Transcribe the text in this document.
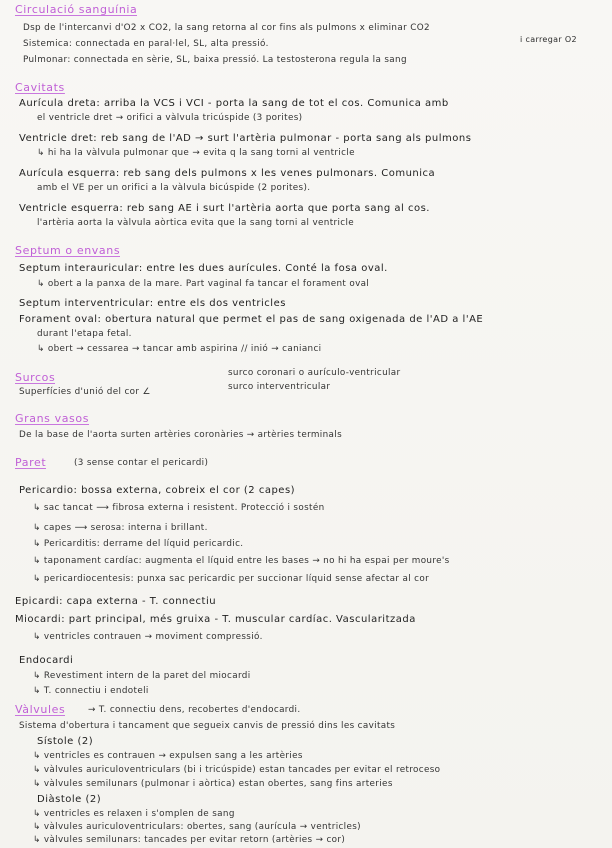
Circulació sanguínia
Dsp de l'intercanvi d'O2 x CO2, la sang retorna al cor fins als pulmons x eliminar CO2
i carregar O2
Sistemica: connectada en paral·lel, SL, alta pressió.
Pulmonar: connectada en sèrie, SL, baixa pressió. La testosterona regula la sang
Cavitats
Aurícula dreta: arriba la VCS i VCI - porta la sang de tot el cos. Comunica amb
el ventricle dret → orifici a vàlvula tricúspide (3 porites)
Ventricle dret: reb sang de l'AD → surt l'artèria pulmonar - porta sang als pulmons
↳ hi ha la vàlvula pulmonar que → evita q la sang torni al ventricle
Aurícula esquerra: reb sang dels pulmons x les venes pulmonars. Comunica
amb el VE per un orifici a la vàlvula bicúspide (2 porites).
Ventricle esquerra: reb sang AE i surt l'artèria aorta que porta sang al cos.
l'artèria aorta la vàlvula aòrtica evita que la sang torni al ventricle
Septum o envans
Septum interauricular: entre les dues aurícules. Conté la fosa oval.
↳ obert a la panxa de la mare. Part vaginal fa tancar el forament oval
Septum interventricular: entre els dos ventricles
Forament oval: obertura natural que permet el pas de sang oxigenada de l'AD a l'AE
durant l'etapa fetal.
↳ obert → cessarea → tancar amb aspirina // inió → canianci
Surcos	surco coronari o aurículo-ventricular
Superfícies d'unió del cor ∠	surco interventricular
Grans vasos
De la base de l'aorta surten artèries coronàries → artèries terminals
Paret	(3 sense contar el pericardi)
Pericardio: bossa externa, cobreix el cor (2 capes)
↳ sac tancat ⟶ fibrosa externa i resistent. Protecció i sostén
↳ capes ⟶ serosa: interna i brillant.
↳ Pericarditis: derrame del líquid pericardic.
↳ taponament cardíac: augmenta el líquid entre les bases → no hi ha espai per moure's
↳ pericardiocentesis: punxa sac pericardic per succionar líquid sense afectar al cor
Epicardi: capa externa - T. connectiu
Miocardi: part principal, més gruixa - T. muscular cardíac. Vascularitzada
↳ ventricles contrauen → moviment compressió.
Endocardi
↳ Revestiment intern de la paret del miocardi
↳ T. connectiu i endoteli
Vàlvules	→ T. connectiu dens, recobertes d'endocardi.
Sistema d'obertura i tancament que segueix canvis de pressió dins les cavitats
Sístole (2)
↳ ventricles es contrauen → expulsen sang a les artèries
↳ vàlvules auriculoventriculars (bi i tricúspide) estan tancades per evitar el retroceso
↳ vàlvules semilunars (pulmonar i aòrtica) estan obertes, sang fins arteries
Diàstole (2)
↳ ventricles es relaxen i s'omplen de sang
↳ vàlvules auriculoventriculars: obertes, sang (aurícula → ventricles)
↳ vàlvules semilunars: tancades per evitar retorn (artèries → cor)
